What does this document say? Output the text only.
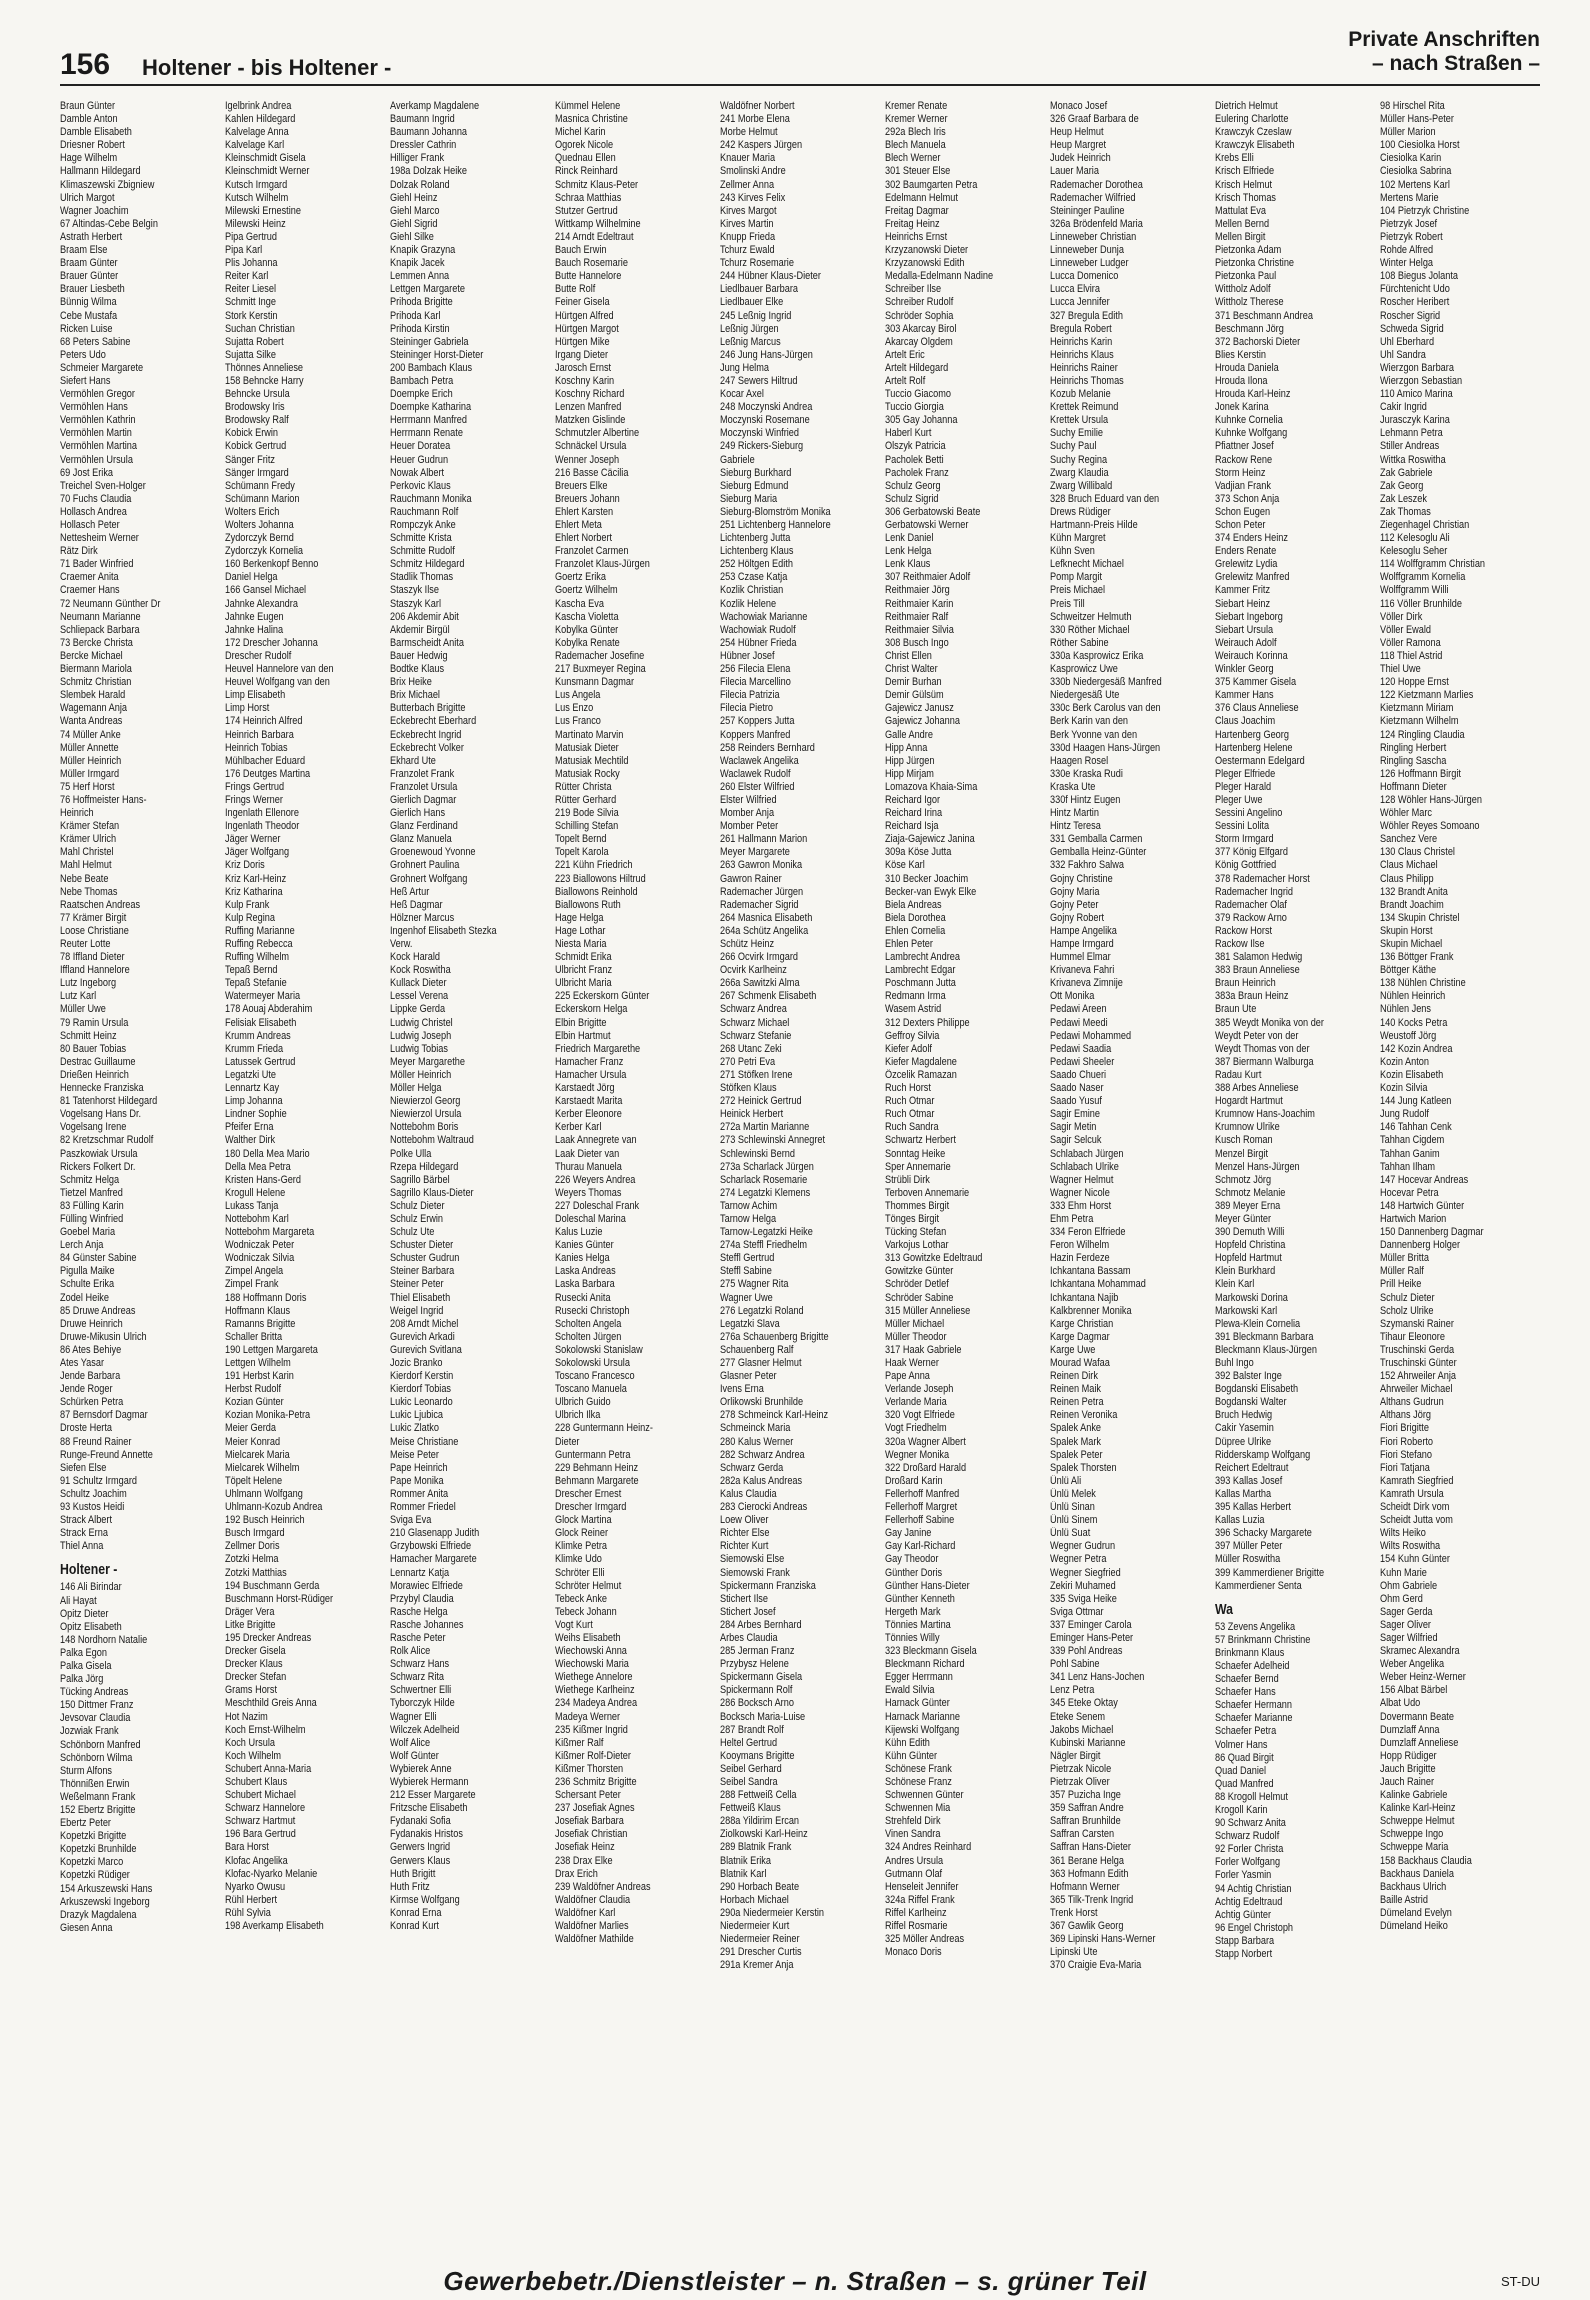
156 Holtener - bis Holtener -
Private Anschriften
– nach Straßen –
Braun Günter
Damble Anton
Damble Elisabeth
Driesner Robert
Hage Wilhelm
Hallmann Hildegard
Klimaszewski Zbigniew
Ulrich Margot
Wagner Joachim
67 Altindas-Cebe Belgin
Astrath Herbert
Braam Else
Braam Günter
Brauer Günter
Brauer Liesbeth
Bünnig Wilma
Cebe Mustafa
Ricken Luise
68 Peters Sabine
Peters Udo
Schmeier Margarete
Siefert Hans
Vermöhlen Gregor
Vermöhlen Hans
Vermöhlen Kathrin
Vermöhlen Martin
Vermöhlen Martina
Vermöhlen Ursula
69 Jost Erika
Treichel Sven-Holger
70 Fuchs Claudia
Hollasch Andrea
Hollasch Peter
Nettesheim Werner
Rätz Dirk
71 Bader Winfried
Craemer Anita
Craemer Hans
72 Neumann Günther Dr
Neumann Marianne
Schliepack Barbara
73 Bercke Christa
Bercke Michael
Biermann Mariola
Schmitz Christian
Slembek Harald
Wagemann Anja
Wanta Andreas
74 Müller Anke
Müller Annette
Müller Heinrich
Müller Irmgard
75 Herf Horst
76 Hoffmeister Hans-
Heinrich
Krämer Stefan
Krämer Ulrich
Mahl Christel
Mahl Helmut
Nebe Beate
Nebe Thomas
Raatschen Andreas
77 Krämer Birgit
Loose Christiane
Reuter Lotte
78 Iffland Dieter
Iffland Hannelore
Lutz Ingeborg
Lutz Karl
Müller Uwe
79 Ramin Ursula
Schmitt Heinz
80 Bauer Tobias
Destrac Guillaume
Drießen Heinrich
Hennecke Franziska
81 Tatenhorst Hildegard
Vogelsang Hans Dr.
Vogelsang Irene
82 Kretzschmar Rudolf
Paszkowiak Ursula
Rickers Folkert Dr.
Schmitz Helga
Tietzel Manfred
83 Fülling Karin
Fülling Winfried
Goebel Maria
Lerch Anja
84 Günster Sabine
Pigulla Maike
Schulte Erika
Zodel Heike
85 Druwe Andreas
Druwe Heinrich
Druwe-Mikusin Ulrich
86 Ates Behiye
Ates Yasar
Jende Barbara
Jende Roger
Schürken Petra
87 Bernsdorf Dagmar
Droste Herta
88 Freund Rainer
Runge-Freund Annette
Siefen Else
91 Schultz Irmgard
Schultz Joachim
93 Kustos Heidi
Strack Albert
Strack Erna
Thiel Anna
Holtener -
146 Ali Birindar
Ali Hayat
Opitz Dieter
Opitz Elisabeth
148 Nordhorn Natalie
Palka Egon
Palka Gisela
Palka Jörg
Tücking Andreas
150 Dittmer Franz
Jevsovar Claudia
Jozwiak Frank
Schönborn Manfred
Schönborn Wilma
Sturm Alfons
Thönnißen Erwin
Weßelmann Frank
152 Ebertz Brigitte
Ebertz Peter
Kopetzki Brigitte
Kopetzki Brunhilde
Kopetzki Marco
Kopetzki Rüdiger
154 Arkuszewski Hans
Arkuszewski Ingeborg
Drazyk Magdalena
Giesen Anna
Igelbrink Andrea
Kahlen Hildegard
Kalvelage Anna
Kalvelage Karl
Kleinschmidt Gisela
Kleinschmidt Werner
Kutsch Irmgard
Kutsch Wilhelm
Milewski Ernestine
Milewski Heinz
Pipa Gertrud
Pipa Karl
Plis Johanna
Reiter Karl
Reiter Liesel
Schmitt Inge
Stork Kerstin
Suchan Christian
Sujatta Robert
Sujatta Silke
Thönnes Anneliese
158 Behncke Harry
Behncke Ursula
Brodowsky Iris
Brodowsky Ralf
Kobick Erwin
Kobick Gertrud
Sänger Fritz
Sänger Irmgard
Schümann Fredy
Schümann Marion
Wolters Erich
Wolters Johanna
Zydorczyk Bernd
Zydorczyk Kornelia
160 Berkenkopf Benno
Daniel Helga
166 Gansel Michael
Jahnke Alexandra
Jahnke Eugen
Jahnke Halina
172 Drescher Johanna
Drescher Rudolf
Heuvel Hannelore van den
Heuvel Wolfgang van den
Limp Elisabeth
Limp Horst
174 Heinrich Alfred
Heinrich Barbara
Heinrich Tobias
Mühlbacher Eduard
176 Deutges Martina
Frings Gertrud
Frings Werner
Ingenlath Ellenore
Ingenlath Theodor
Jäger Werner
Jäger Wolfgang
Kriz Doris
Kriz Karl-Heinz
Kriz Katharina
Kulp Frank
Kulp Regina
Ruffing Marianne
Ruffing Rebecca
Ruffing Wilhelm
Tepaß Bernd
Tepaß Stefanie
Watermeyer Maria
178 Aouaj Abderahim
Felisiak Elisabeth
Krumm Andreas
Krumm Frieda
Latussek Gertrud
Legatzki Ute
Lennartz Kay
Limp Johanna
Lindner Sophie
Pfeifer Erna
Walther Dirk
180 Della Mea Mario
Della Mea Petra
Kristen Hans-Gerd
Krogull Helene
Lukass Tanja
Nottebohm Karl
Nottebohm Margareta
Wodniczak Peter
Wodniczak Silvia
Zimpel Angela
Zimpel Frank
188 Hoffmann Doris
Hoffmann Klaus
Ramanns Brigitte
Schaller Britta
190 Lettgen Margareta
Lettgen Wilhelm
191 Herbst Karin
Herbst Rudolf
Kozian Günter
Kozian Monika-Petra
Meier Gerda
Meier Konrad
Mielcarek Maria
Mielcarek Wilhelm
Töpelt Helene
Uhlmann Wolfgang
Uhlmann-Kozub Andrea
192 Busch Heinrich
Busch Irmgard
Zellmer Doris
Zotzki Helma
Zotzki Matthias
194 Buschmann Gerda
Buschmann Horst-Rüdiger
Dräger Vera
Litke Brigitte
195 Drecker Andreas
Drecker Gisela
Drecker Klaus
Drecker Stefan
Grams Horst
Meschthild Greis Anna
Hot Nazim
Koch Ernst-Wilhelm
Koch Ursula
Koch Wilhelm
Schubert Anna-Maria
Schubert Klaus
Schubert Michael
Schwarz Hannelore
Schwarz Hartmut
196 Bara Gertrud
Bara Horst
Klofac Angelika
Klofac-Nyarko Melanie
Nyarko Owusu
Rühl Herbert
Rühl Sylvia
198 Averkamp Elisabeth
Averkamp Magdalene
Baumann Ingrid
Baumann Johanna
Dressler Cathrin
Hilliger Frank
198a Dolzak Heike
Dolzak Roland
Giehl Heinz
Giehl Marco
Giehl Sigrid
Giehl Silke
Knapik Grazyna
Knapik Jacek
Lemmen Anna
Lettgen Margarete
Prihoda Brigitte
Prihoda Karl
Prihoda Kirstin
Steininger Gabriela
Steininger Horst-Dieter
200 Bambach Klaus
Bambach Petra
Doempke Erich
Doempke Katharina
Herrmann Manfred
Herrmann Renate
Heuer Doratea
Heuer Gudrun
Nowak Albert
Perkovic Klaus
Rauchmann Monika
Rauchmann Rolf
Rompczyk Anke
Schmitte Krista
Schmitte Rudolf
Schmitz Hildegard
Stadlik Thomas
Staszyk Ilse
Staszyk Karl
206 Akdemir Abit
Akdemir Birgül
Barmscheidt Anita
Bauer Hedwig
Bodtke Klaus
Brix Heike
Brix Michael
Butterbach Brigitte
Eckebrecht Eberhard
Eckebrecht Ingrid
Eckebrecht Volker
Ekhard Ute
Franzolet Frank
Franzolet Ursula
Gierlich Dagmar
Gierlich Hans
Glanz Ferdinand
Glanz Manuela
Groenewoud Yvonne
Grohnert Paulina
Grohnert Wolfgang
Heß Artur
Heß Dagmar
Hölzner Marcus
Ingenhof Elisabeth Stezka
Verw.
Kock Harald
Kock Roswitha
Kullack Dieter
Lessel Verena
Lippke Gerda
Ludwig Christel
Ludwig Joseph
Ludwig Tobias
Meyer Margarethe
Möller Heinrich
Möller Helga
Niewierzol Georg
Niewierzol Ursula
Nottebohm Boris
Nottebohm Waltraud
Polke Ulla
Rzepa Hildegard
Sagrillo Bärbel
Sagrillo Klaus-Dieter
Schulz Dieter
Schulz Erwin
Schulz Ute
Schuster Dieter
Schuster Gudrun
Steiner Barbara
Steiner Peter
Thiel Elisabeth
Weigel Ingrid
208 Arndt Michel
Gurevich Arkadi
Gurevich Svitlana
Jozic Branko
Kierdorf Kerstin
Kierdorf Tobias
Lukic Leonardo
Lukic Ljubica
Lukic Zlatko
Meise Christiane
Meise Peter
Pape Heinrich
Pape Monika
Rommer Anita
Rommer Friedel
Sviga Eva
210 Glasenapp Judith
Grzybowski Elfriede
Hamacher Margarete
Lennartz Katja
Morawiec Elfriede
Przybyl Claudia
Rasche Helga
Rasche Johannes
Rasche Peter
Rolk Alice
Schwarz Hans
Schwarz Rita
Schwertner Elli
Tyborczyk Hilde
Wagner Elli
Wilczek Adelheid
Wolf Alice
Wolf Günter
Wybierek Anne
Wybierek Hermann
212 Esser Margarete
Fritzsche Elisabeth
Fydanaki Sofia
Fydanakis Hristos
Gerwers Ingrid
Gerwers Klaus
Huth Brigitt
Huth Fritz
Kirmse Wolfgang
Konrad Erna
Konrad Kurt
Kümmel Helene
Masnica Christine
Michel Karin
Ogorek Nicole
Quednau Ellen
Rinck Reinhard
Schmitz Klaus-Peter
Schraa Matthias
Stutzer Gertrud
Wittkamp Wilhelmine
214 Arndt Edeltraut
Bauch Erwin
Bauch Rosemarie
Butte Hannelore
Butte Rolf
Feiner Gisela
Hürtgen Alfred
Hürtgen Margot
Hürtgen Mike
Irgang Dieter
Jarosch Ernst
Koschny Karin
Koschny Richard
Lenzen Manfred
Matzken Gislinde
Schmutzler Albertine
Schnäckel Ursula
Wenner Joseph
216 Basse Cäcilia
Breuers Elke
Breuers Johann
Ehlert Karsten
Ehlert Meta
Ehlert Norbert
Franzolet Carmen
Franzolet Klaus-Jürgen
Goertz Erika
Goertz Wilhelm
Kascha Eva
Kascha Violetta
Kobylka Günter
Kobylka Renate
Rademacher Josefine
217 Buxmeyer Regina
Kunsmann Dagmar
Lus Angela
Lus Enzo
Lus Franco
Martinato Marvin
Matusiak Dieter
Matusiak Mechtild
Matusiak Rocky
Rütter Christa
Rütter Gerhard
219 Bode Silvia
Schilling Stefan
Topelt Bernd
Topelt Karola
221 Kühn Friedrich
223 Biallowons Hiltrud
Biallowons Reinhold
Biallowons Ruth
Hage Helga
Hage Lothar
Niesta Maria
Schmidt Erika
Ulbricht Franz
Ulbricht Maria
225 Eckerskorn Günter
Eckerskorn Helga
Elbin Brigitte
Elbin Hartmut
Friedrich Margarethe
Hamacher Franz
Hamacher Ursula
Karstaedt Jörg
Karstaedt Marita
Kerber Eleonore
Kerber Karl
Laak Annegrete van
Laak Dieter van
Thurau Manuela
226 Weyers Andrea
Weyers Thomas
227 Doleschal Frank
Doleschal Marina
Kalus Luzie
Kanies Günter
Kanies Helga
Laska Andreas
Laska Barbara
Rusecki Anita
Rusecki Christoph
Scholten Angela
Scholten Jürgen
Sokolowski Stanislaw
Sokolowski Ursula
Toscano Francesco
Toscano Manuela
Ulbrich Guido
Ulbrich Ilka
228 Guntermann Heinz-
Dieter
Guntermann Petra
229 Behmann Heinz
Behmann Margarete
Drescher Ernest
Drescher Irmgard
Glock Martina
Glock Reiner
Klimke Petra
Klimke Udo
Schröter Elli
Schröter Helmut
Tebeck Anke
Tebeck Johann
Vogt Kurt
Weihs Elisabeth
Wiechowski Anna
Wiechowski Maria
Wiethege Annelore
Wiethege Karlheinz
234 Madeya Andrea
Madeya Werner
235 Kißmer Ingrid
Kißmer Ralf
Kißmer Rolf-Dieter
Kißmer Thorsten
236 Schmitz Brigitte
Schersant Peter
237 Josefiak Agnes
Josefiak Barbara
Josefiak Christian
Josefiak Heinz
238 Drax Elke
Drax Erich
239 Waldöfner Andreas
Waldöfner Claudia
Waldöfner Karl
Waldöfner Marlies
Waldöfner Mathilde
Waldöfner Norbert
241 Morbe Elena
Morbe Helmut
242 Kaspers Jürgen
Knauer Maria
Smolinski Andre
Zellmer Anna
243 Kirves Felix
Kirves Margot
Kirves Martin
Knupp Frieda
Tchurz Ewald
Tchurz Rosemarie
244 Hübner Klaus-Dieter
Liedlbauer Barbara
Liedlbauer Elke
245 Leßnig Ingrid
Leßnig Jürgen
Leßnig Marcus
246 Jung Hans-Jürgen
Jung Helma
247 Sewers Hiltrud
Kocar Axel
248 Moczynski Andrea
Moczynski Rosemane
Moczynski Winfried
249 Rickers-Sieburg
Gabriele
Sieburg Burkhard
Sieburg Edmund
Sieburg Maria
Sieburg-Blomström Monika
251 Lichtenberg Hannelore
Lichtenberg Jutta
Lichtenberg Klaus
252 Höltgen Edith
253 Czase Katja
Kozlik Christian
Kozlik Helene
Wachowiak Marianne
Wachowiak Rudolf
254 Hübner Frieda
Hübner Josef
256 Filecia Elena
Filecia Marcellino
Filecia Patrizia
Filecia Pietro
257 Koppers Jutta
Koppers Manfred
258 Reinders Bernhard
Waclawek Angelika
Waclawek Rudolf
260 Elster Wilfried
Elster Wilfried
Momber Anja
Momber Peter
261 Hallmann Marion
Meyer Margarete
263 Gawron Monika
Gawron Rainer
Rademacher Jürgen
Rademacher Sigrid
264 Masnica Elisabeth
264a Schütz Angelika
Schütz Heinz
266 Ocvirk Irmgard
Ocvirk Karlheinz
266a Sawitzki Alma
267 Schmenk Elisabeth
Schwarz Andrea
Schwarz Michael
Schwarz Stefanie
268 Utanc Zeki
270 Petri Eva
271 Stöfken Irene
Stöfken Klaus
272 Heinick Gertrud
Heinick Herbert
272a Martin Marianne
273 Schlewinski Annegret
Schlewinski Bernd
273a Scharlack Jürgen
Scharlack Rosemarie
274 Legatzki Klemens
Tarnow Achim
Tarnow Helga
Tarnow-Legatzki Heike
274a Steffl Friedhelm
Steffl Gertrud
Steffl Sabine
275 Wagner Rita
Wagner Uwe
276 Legatzki Roland
Legatzki Slava
276a Schauenberg Brigitte
Schauenberg Ralf
277 Glasner Helmut
Glasner Peter
Ivens Erna
Orlikowski Brunhilde
278 Schmeinck Karl-Heinz
Schmeinck Maria
280 Kalus Werner
282 Schwarz Andrea
Schwarz Gerda
282a Kalus Andreas
Kalus Claudia
283 Cierocki Andreas
Loew Oliver
Richter Else
Richter Kurt
Siemowski Else
Siemowski Frank
Spickermann Franziska
Stichert Ilse
Stichert Josef
284 Arbes Bernhard
Arbes Claudia
285 Jerman Franz
Przybysz Helene
Spickermann Gisela
Spickermann Rolf
286 Bocksch Arno
Bocksch Maria-Luise
287 Brandt Rolf
Heltel Gertrud
Kooymans Brigitte
Seibel Gerhard
Seibel Sandra
288 Fettweiß Cella
Fettweiß Klaus
288a Yildirim Ercan
Ziolkowski Karl-Heinz
289 Blatnik Frank
Blatnik Erika
Blatnik Karl
290 Horbach Beate
Horbach Michael
290a Niedermeier Kerstin
Niedermeier Kurt
Niedermeier Reiner
291 Drescher Curtis
291a Kremer Anja
Kremer Renate
Kremer Werner
292a Blech Iris
Blech Manuela
Blech Werner
301 Steuer Else
302 Baumgarten Petra
Edelmann Helmut
Freitag Dagmar
Freitag Heinz
Heinrichs Ernst
Krzyzanowski Dieter
Krzyzanowski Edith
Medalla-Edelmann Nadine
Schreiber Ilse
Schreiber Rudolf
Schröder Sophia
303 Akarcay Birol
Akarcay Olgdem
Artelt Eric
Artelt Hildegard
Artelt Rolf
Tuccio Giacomo
Tuccio Giorgia
305 Gay Johanna
Haberl Kurt
Olszyk Patricia
Pacholek Betti
Pacholek Franz
Schulz Georg
Schulz Sigrid
306 Gerbatowski Beate
Gerbatowski Werner
Lenk Daniel
Lenk Helga
Lenk Klaus
307 Reithmaier Adolf
Reithmaier Jörg
Reithmaier Karin
Reithmaier Ralf
Reithmaier Silvia
308 Busch Ingo
Christ Ellen
Christ Walter
Demir Burhan
Demir Gülsüm
Gajewicz Janusz
Gajewicz Johanna
Galle Andre
Hipp Anna
Hipp Jürgen
Hipp Mirjam
Lomazova Khaia-Sima
Reichard Igor
Reichard Irina
Reichard Isja
Ziaja-Gajewicz Janina
309a Köse Jutta
Köse Karl
310 Becker Joachim
Becker-van Ewyk Elke
Biela Andreas
Biela Dorothea
Ehlen Cornelia
Ehlen Peter
Lambrecht Andrea
Lambrecht Edgar
Poschmann Jutta
Redmann Irma
Wasem Astrid
312 Dexters Philippe
Geffroy Silvia
Kiefer Adolf
Kiefer Magdalene
Özcelik Ramazan
Ruch Horst
Ruch Otmar
Ruch Otmar
Ruch Sandra
Schwartz Herbert
Sonntag Heike
Sper Annemarie
Strübli Dirk
Terboven Annemarie
Thommes Birgit
Tönges Birgit
Tücking Stefan
Varkojus Lothar
313 Gowitzke Edeltraud
Gowitzke Günter
Schröder Detlef
Schröder Sabine
315 Müller Anneliese
Müller Michael
Müller Theodor
317 Haak Gabriele
Haak Werner
Pape Anna
Verlande Joseph
Verlande Maria
320 Vogt Elfriede
Vogt Friedhelm
320a Wagner Albert
Wegner Monika
322 Droßard Harald
Droßard Karin
Fellerhoff Manfred
Fellerhoff Margret
Fellerhoff Sabine
Gay Janine
Gay Karl-Richard
Gay Theodor
Günther Doris
Günther Hans-Dieter
Günther Kenneth
Hergeth Mark
Tönnies Martina
Tönnies Willy
323 Bleckmann Gisela
Bleckmann Richard
Egger Herrmann
Ewald Silvia
Harnack Günter
Harnack Marianne
Kijewski Wolfgang
Kühn Edith
Kühn Günter
Schönese Frank
Schönese Franz
Schwennen Günter
Schwennen Mia
Strehfeld Dirk
Vinen Sandra
324 Andres Reinhard
Andres Ursula
Gutmann Olaf
Henseleit Jennifer
324a Riffel Frank
Riffel Karlheinz
Riffel Rosmarie
325 Möller Andreas
Monaco Doris
Monaco Josef
326 Graaf Barbara de
Heup Helmut
Heup Margret
Judek Heinrich
Lauer Maria
Rademacher Dorothea
Rademacher Wilfried
Steininger Pauline
326a Brödenfeld Maria
Linneweber Christian
Linneweber Dunja
Linneweber Ludger
Lucca Domenico
Lucca Elvira
Lucca Jennifer
327 Bregula Edith
Bregula Robert
Heinrichs Karin
Heinrichs Klaus
Heinrichs Rainer
Heinrichs Thomas
Kozub Melanie
Krettek Reimund
Krettek Ursula
Suchy Emilie
Suchy Paul
Suchy Regina
Zwarg Klaudia
Zwarg Willibald
328 Bruch Eduard van den
Drews Rüdiger
Hartmann-Preis Hilde
Kühn Margret
Kühn Sven
Lefknecht Michael
Pomp Margit
Preis Michael
Preis Till
Schweitzer Helmuth
330 Röther Michael
Röther Sabine
330a Kasprowicz Erika
Kasprowicz Uwe
330b Niedergesäß Manfred
Niedergesäß Ute
330c Berk Carolus van den
Berk Karin van den
Berk Yvonne van den
330d Haagen Hans-Jürgen
Haagen Rosel
330e Kraska Rudi
Kraska Ute
330f Hintz Eugen
Hintz Martin
Hintz Teresa
331 Gemballa Carmen
Gemballa Heinz-Günter
332 Fakhro Salwa
Gojny Christine
Gojny Maria
Gojny Peter
Gojny Robert
Hampe Angelika
Hampe Irmgard
Hummel Elmar
Krivaneva Fahri
Krivaneva Zimnije
Ott Monika
Pedawi Areen
Pedawi Meedi
Pedawi Mohammed
Pedawi Saadia
Pedawi Sheeler
Saado Chueri
Saado Naser
Saado Yusuf
Sagir Emine
Sagir Metin
Sagir Selcuk
Schlabach Jürgen
Schlabach Ulrike
Wagner Helmut
Wagner Nicole
333 Ehm Horst
Ehm Petra
334 Feron Elfriede
Feron Wilhelm
Hazin Ferdeze
Ichkantana Bassam
Ichkantana Mohammad
Ichkantana Najib
Kalkbrenner Monika
Karge Christian
Karge Dagmar
Karge Uwe
Mourad Wafaa
Reinen Dirk
Reinen Maik
Reinen Petra
Reinen Veronika
Spalek Anke
Spalek Mark
Spalek Peter
Spalek Thorsten
Ünlü Ali
Ünlü Melek
Ünlü Sinan
Ünlü Sinem
Ünlü Suat
Wegner Gudrun
Wegner Petra
Wegner Siegfried
Zekiri Muhamed
335 Sviga Heike
Sviga Ottmar
337 Eminger Carola
Eminger Hans-Peter
339 Pohl Andreas
Pohl Sabine
341 Lenz Hans-Jochen
Lenz Petra
345 Eteke Oktay
Eteke Senem
Jakobs Michael
Kubinski Marianne
Nägler Birgit
Pietrzak Nicole
Pietrzak Oliver
357 Puzicha Inge
359 Saffran Andre
Saffran Brunhilde
Saffran Carsten
Saffran Hans-Dieter
361 Berane Helga
363 Hofmann Edith
Hofmann Werner
365 Tilk-Trenk Ingrid
Trenk Horst
367 Gawlik Georg
369 Lipinski Hans-Werner
Lipinski Ute
370 Craigie Eva-Maria
Dietrich Helmut
Eulering Charlotte
Krawczyk Czeslaw
Krawczyk Elisabeth
Krebs Elli
Krisch Elfriede
Krisch Helmut
Krisch Thomas
Mattulat Eva
Mellen Bernd
Mellen Birgit
Pietzonka Adam
Pietzonka Christine
Pietzonka Paul
Wittholz Adolf
Wittholz Therese
371 Beschmann Andrea
Beschmann Jörg
372 Bachorski Dieter
Blies Kerstin
Hrouda Daniela
Hrouda Ilona
Hrouda Karl-Heinz
Jonek Karina
Kuhnke Cornelia
Kuhnke Wolfgang
Pfiattner Josef
Rackow Rene
Storm Heinz
Vadjian Frank
373 Schon Anja
Schon Eugen
Schon Peter
374 Enders Heinz
Enders Renate
Grelewitz Lydia
Grelewitz Manfred
Kammer Fritz
Siebart Heinz
Siebart Ingeborg
Siebart Ursula
Weirauch Adolf
Weirauch Korinna
Winkler Georg
375 Kammer Gisela
Kammer Hans
376 Claus Anneliese
Claus Joachim
Hartenberg Georg
Hartenberg Helene
Oestermann Edelgard
Pleger Elfriede
Pleger Harald
Pleger Uwe
Sessini Angelino
Sessini Lolita
Storm Irmgard
377 König Elfgard
König Gottfried
378 Rademacher Horst
Rademacher Ingrid
Rademacher Olaf
379 Rackow Arno
Rackow Horst
Rackow Ilse
381 Salamon Hedwig
383 Braun Anneliese
Braun Heinrich
383a Braun Heinz
Braun Ute
385 Weydt Monika von der
Weydt Peter von der
Weydt Thomas von der
387 Biermann Walburga
Radau Kurt
388 Arbes Anneliese
Hogardt Hartmut
Krumnow Hans-Joachim
Krumnow Ulrike
Kusch Roman
Menzel Birgit
Menzel Hans-Jürgen
Schmotz Jörg
Schmotz Melanie
389 Meyer Erna
Meyer Günter
390 Demuth Willi
Hopfeld Christina
Hopfeld Hartmut
Klein Burkhard
Klein Karl
Markowski Dorina
Markowski Karl
Plewa-Klein Cornelia
391 Bleckmann Barbara
Bleckmann Klaus-Jürgen
Buhl Ingo
392 Balster Inge
Bogdanski Elisabeth
Bogdanski Walter
Bruch Hedwig
Cakir Yasemin
Düpree Ulrike
Ridderskamp Wolfgang
Reichert Edeltraut
393 Kallas Josef
Kallas Martha
395 Kallas Herbert
Kallas Luzia
396 Schacky Margarete
397 Müller Peter
Müller Roswitha
399 Kammerdiener Brigitte
Kammerdiener Senta
Wa
53 Zevens Angelika
57 Brinkmann Christine
Brinkmann Klaus
Schaefer Adelheid
Schaefer Bernd
Schaefer Hans
Schaefer Hermann
Schaefer Marianne
Schaefer Petra
Volmer Hans
86 Quad Birgit
Quad Daniel
Quad Manfred
88 Krogoll Helmut
Krogoll Karin
90 Schwarz Anita
Schwarz Rudolf
92 Forler Christa
Forler Wolfgang
Forler Yasmin
94 Achtig Christian
Achtig Edeltraud
Achtig Günter
96 Engel Christoph
Stapp Barbara
Stapp Norbert
98 Hirschel Rita
Müller Hans-Peter
Müller Marion
100 Ciesiolka Horst
Ciesiolka Karin
Ciesiolka Sabrina
102 Mertens Karl
Mertens Marie
104 Pietrzyk Christine
Pietrzyk Josef
Pietrzyk Robert
Rohde Alfred
Winter Helga
108 Biegus Jolanta
Fürchtenicht Udo
Roscher Heribert
Roscher Sigrid
Schweda Sigrid
Uhl Eberhard
Uhl Sandra
Wierzgon Barbara
Wierzgon Sebastian
110 Amico Marina
Cakir Ingrid
Jurasczyk Karina
Lehmann Petra
Stiller Andreas
Wittka Roswitha
Zak Gabriele
Zak Georg
Zak Leszek
Zak Thomas
Ziegenhagel Christian
112 Kelesoglu Ali
Kelesoglu Seher
114 Wolffgramm Christian
Wolffgramm Kornelia
Wolffgramm Willi
116 Völler Brunhilde
Völler Dirk
Völler Ewald
Völler Ramona
118 Thiel Astrid
Thiel Uwe
120 Hoppe Ernst
122 Kietzmann Marlies
Kietzmann Miriam
Kietzmann Wilhelm
124 Ringling Claudia
Ringling Herbert
Ringling Sascha
126 Hoffmann Birgit
Hoffmann Dieter
128 Wöhler Hans-Jürgen
Wöhler Marc
Wöhler Reyes Somoano
Sanchez Vere
130 Claus Christel
Claus Michael
Claus Philipp
132 Brandt Anita
Brandt Joachim
134 Skupin Christel
Skupin Horst
Skupin Michael
136 Böttger Frank
Böttger Käthe
138 Nühlen Christine
Nühlen Heinrich
Nühlen Jens
140 Kocks Petra
Weustoff Jörg
142 Kozin Andrea
Kozin Anton
Kozin Elisabeth
Kozin Silvia
144 Jung Katleen
Jung Rudolf
146 Tahhan Cenk
Tahhan Cigdem
Tahhan Ganim
Tahhan Ilham
147 Hocevar Andreas
Hocevar Petra
148 Hartwich Günter
Hartwich Marion
150 Dannenberg Dagmar
Dannenberg Holger
Müller Britta
Müller Ralf
Prill Heike
Schulz Dieter
Scholz Ulrike
Szymanski Rainer
Tihaur Eleonore
Truschinski Gerda
Truschinski Günter
152 Ahrweiler Anja
Ahrweiler Michael
Althans Gudrun
Althans Jörg
Fiori Brigitte
Fiori Roberto
Fiori Stefano
Fiori Tatjana
Kamrath Siegfried
Kamrath Ursula
Scheidt Dirk vom
Scheidt Jutta vom
Wilts Heiko
Wilts Roswitha
154 Kuhn Günter
Kuhn Marie
Ohm Gabriele
Ohm Gerd
Sager Gerda
Sager Oliver
Sager Wilfried
Skramec Alexandra
Weber Angelika
Weber Heinz-Werner
156 Albat Bärbel
Albat Udo
Dovermann Beate
Dumzlaff Anna
Dumzlaff Anneliese
Hopp Rüdiger
Jauch Brigitte
Jauch Rainer
Kalinke Gabriele
Kalinke Karl-Heinz
Schweppe Helmut
Schweppe Ingo
Schweppe Maria
158 Backhaus Claudia
Backhaus Daniela
Backhaus Ulrich
Baille Astrid
Dümeland Evelyn
Dümeland Heiko
Gewerbebetr./Dienstleister – n. Straßen – s. grüner Teil	ST-DU
